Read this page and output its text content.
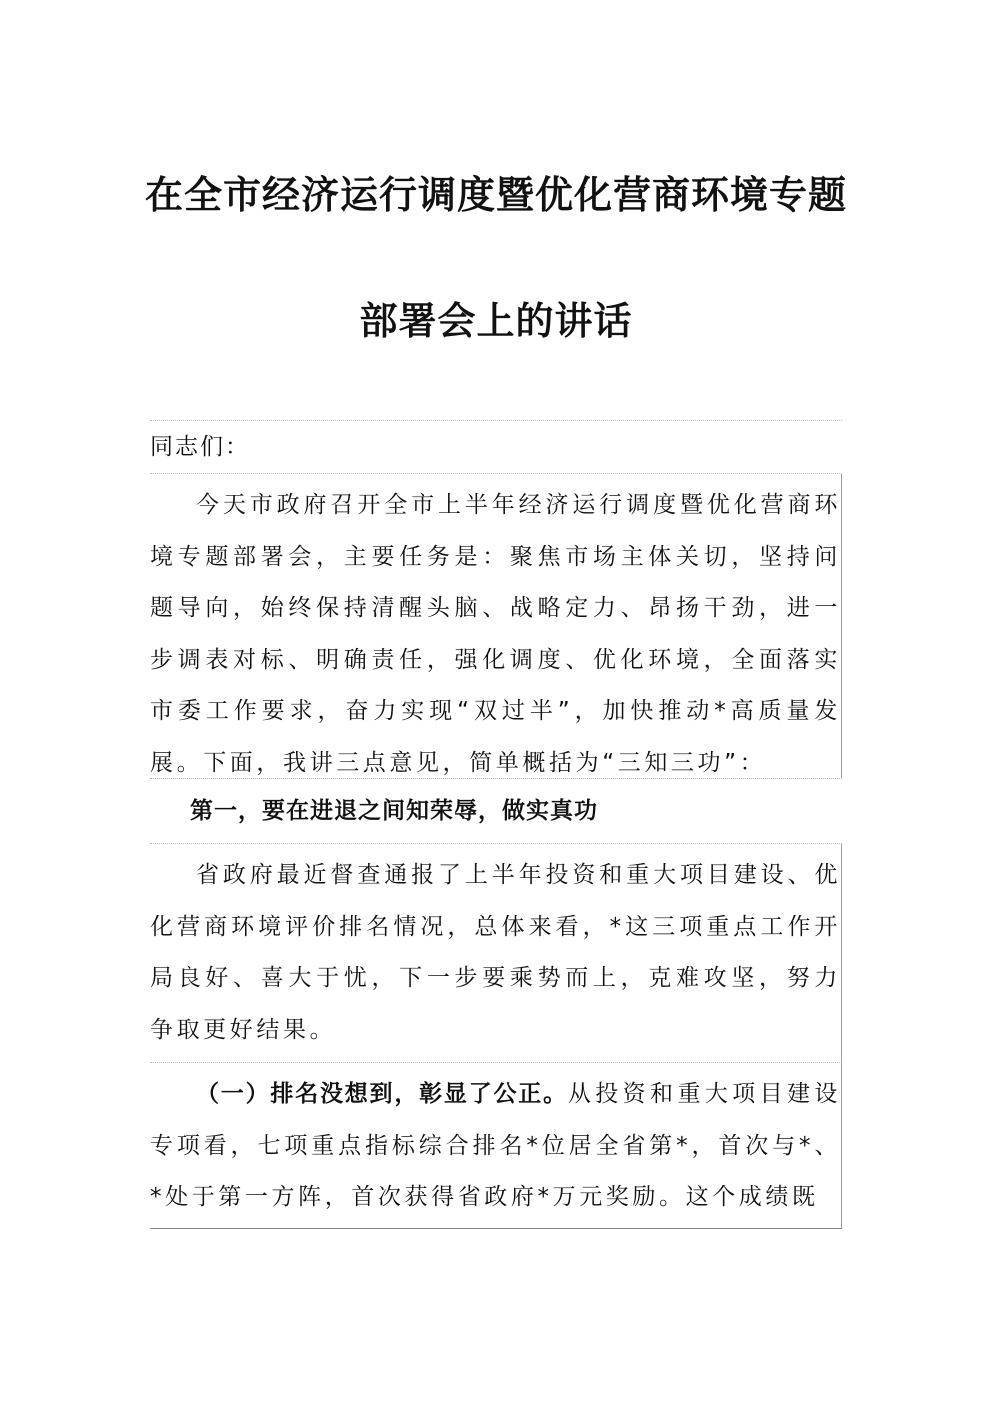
在全市经济运行调度暨优化营商环境专题
部署会上的讲话
同志们：
今天市政府召开全市上半年经济运行调度暨优化营商环境专题部署会，主要任务是：聚焦市场主体关切，坚持问题导向，始终保持清醒头脑、战略定力、昂扬干劲，进一步调表对标、明确责任，强化调度、优化环境，全面落实市委工作要求，奋力实现“双过半”，加快推动*高质量发展。下面，我讲三点意见，简单概括为“三知三功”：
第一，要在进退之间知荣辱，做实真功
省政府最近督查通报了上半年投资和重大项目建设、优化营商环境评价排名情况，总体来看，*这三项重点工作开局良好、喜大于忧，下一步要乘势而上，克难攻坚，努力争取更好结果。
（一）排名没想到，彰显了公正。从投资和重大项目建设专项看，七项重点指标综合排名*位居全省第*，首次与*、*处于第一方阵，首次获得省政府*万元奖励。这个成绩既
